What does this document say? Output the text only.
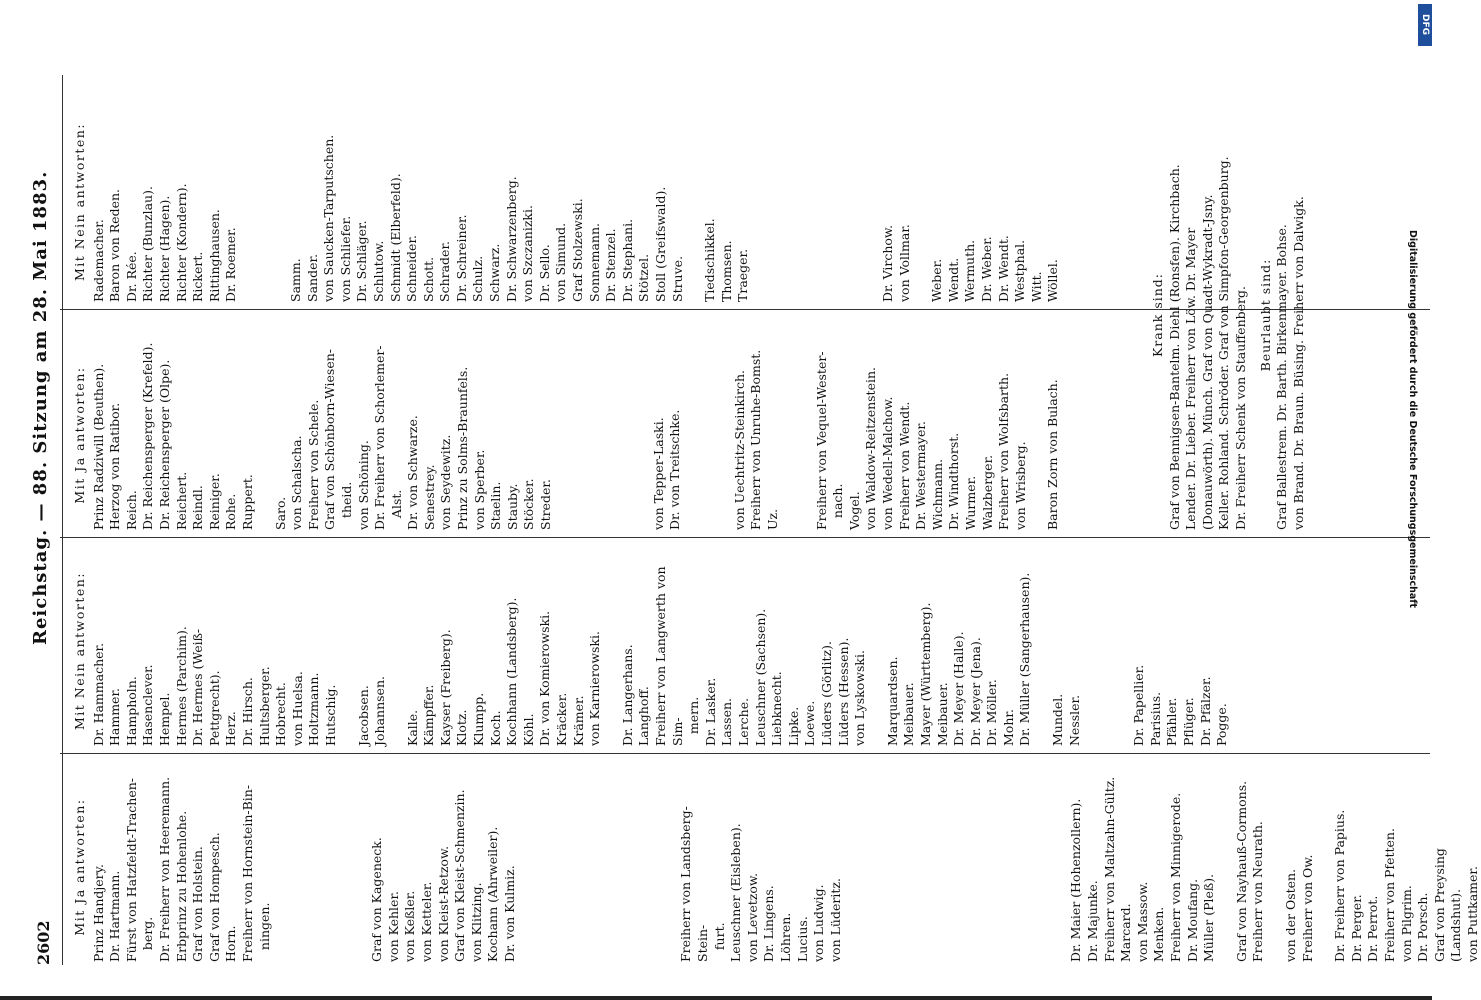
2602
Reichstag. — 88. Sitzung am 28. Mai 1883.
Mit Ja antworten: Prinz Handjery. Dr. Hartmann. Fürst von Hatzfeldt-Trachen- berg. Dr. Freiherr von Heeremann. Erbprinz zu Hohenlohe. Graf von Holstein. Graf von Hompesch. Horn. Freiherr von Hornstein-Bin- ningen.	Graf von Kageneck. von Kehler. von Keßler. von Ketteler. von Kleist-Retzow. Graf von Kleist-Schmenzin. von Klitzing. Kochann (Ahrweiler). Dr. von Kulmiz.	Freiherr von Landsberg-Stein- furt. Leuschner (Eisleben). von Levetzow. Dr. Lingens. Löhren. Lucius. von Ludwig. von Lüderitz.	Dr. Maier (Hohenzollern). Dr. Majunke. Freiherr von Maltzahn-Gültz. Marcard. von Massow. Menken. Freiherr von Minnigerode. Dr. Moufang. Müller (Pleß). Graf von Nayhauß-Cormons. Freiherr von Neurath. von der Osten. Freiherr von Ow. Dr. Freiherr von Papius. Dr. Perger. Dr. Perrot. Freiherr von Pfetten. von Pilgrim. Dr. Porsch. Graf von Preysing (Landshut). von Puttkamer.
Mit Nein antworten: Dr. Hammacher. Hammer. Hampholn. Hasenclever. Hempel. Hermes (Parchim). Dr. Hermes (Weiß-Pettgrecht). Herz. Dr. Hirsch. Hultsberger. Hobrecht. von Huelsa. Holtzmann. Hutschig. Jacobsen. Johannsen. Kalle. Kämpffer. Kayser (Freiberg). Klotz. Klumpp. Koch. Kochhann (Landsberg). Köhl. Dr. von Komierowski. Kräcker. Krämer. von Karnierowski. Dr. Langerhans. Langhoff. Freiherr von Langwerth von Sim- mern. Dr. Lasker. Lassen. Lerche. Leuschner (Sachsen). Liebknecht. Lipke. Loewe. Lüders (Görlitz). Lüders (Hessen). von Lyskowski. Marquardsen. Meibauer. Mayer (Württemberg). Meibauer. Dr. Meyer (Halle). Dr. Meyer (Jena). Dr. Möller. Mohr. Dr. Müller (Sangerhausen). Mundel. Nessler.	Dr. Papellier. Parisius. Pfähler. Pflüger. Dr. Pfälzer. Pogge.
Mit Ja antworten: Prinz Radziwill (Beuthen). Herzog von Ratibor. Reich. Dr. Reichensperger (Krefeld). Dr. Reichensperger (Olpe). Reichert. Reindl. Reiniger. Rohe. Ruppert. Saro. von Schalscha. Freiherr von Schele. Graf von Schönborn-Wiesen- theid. von Schöning. Dr. Freiherr von Schorlemer- Alst. Dr. von Schwarze. Senestrey. von Seydewitz. Prinz zu Solms-Braunfels. von Sperber. Staelin. Stauby. Stöcker. Streder.	von Tepper-Laski. Dr. von Treitschke.	von Uechtritz-Steinkirch. Freiherr von Unruhe-Bomst. Uz.	Freiherr von Vequel-Wester- nach. Vogel. von Waldow-Reitzenstein. von Wedell-Malchow. Freiherr von Wendt. Dr. Westermayer. Wichmann. Dr. Windthorst. Wurmer. Walzberger. Freiherr von Wolfsbarth. von Wrisberg. Baron Zorn von Bulach.
Mit Nein antworten: Rademacher. Baron von Reden. Dr. Rée. Richter (Bunzlau). Richter (Hagen). Richter (Kondern). Rickert. Rittinghausen. Dr. Roemer.	Samm. Sander. von Saucken-Tarputschen. von Schliefer. Dr. Schläger. Schlutow. Schmidt (Elberfeld). Schneider. Schott. Schrader. Dr. Schreiner. Schulz. Schwarz. Dr. Schwarzenberg. von Szczanizki. Dr. Sello. von Simund. Graf Stolzewski. Sonnemann. Dr. Stenzel. Dr. Stephani. Stötzel. Stoll (Greifswald). Struve. Tiedschikkel. Thomsen. Traeger.	Dr. Virchow. von Vollmar. Weber. Wendt. Wermuth. Dr. Weber. Dr. Wendt. Westphal. Witt. Wöllel.	Krank sind: Graf von Bennigsen-Bantelm. Diehl (Ronsfen). Kirchbach. Lender. Dr. Lieber. Freiherr von Löw. Dr. Mayer (Donauwörth). Münch. Graf von Quadt-Wykradt-Jsny. Keller. Rohland. Schröder. Graf von Simpfon-Georgenburg. Dr. Freiherr Schenk von Stauffenberg. Beurlaubt sind: Graf Ballestrem. Dr. Barth. Birkenmayer. Bohse. von Brand. Dr. Braun. Büsing. Freiherr von Dalwigk.
DFG
Digitalisierung gefördert durch die Deutsche Forschungsgemeinschaft
